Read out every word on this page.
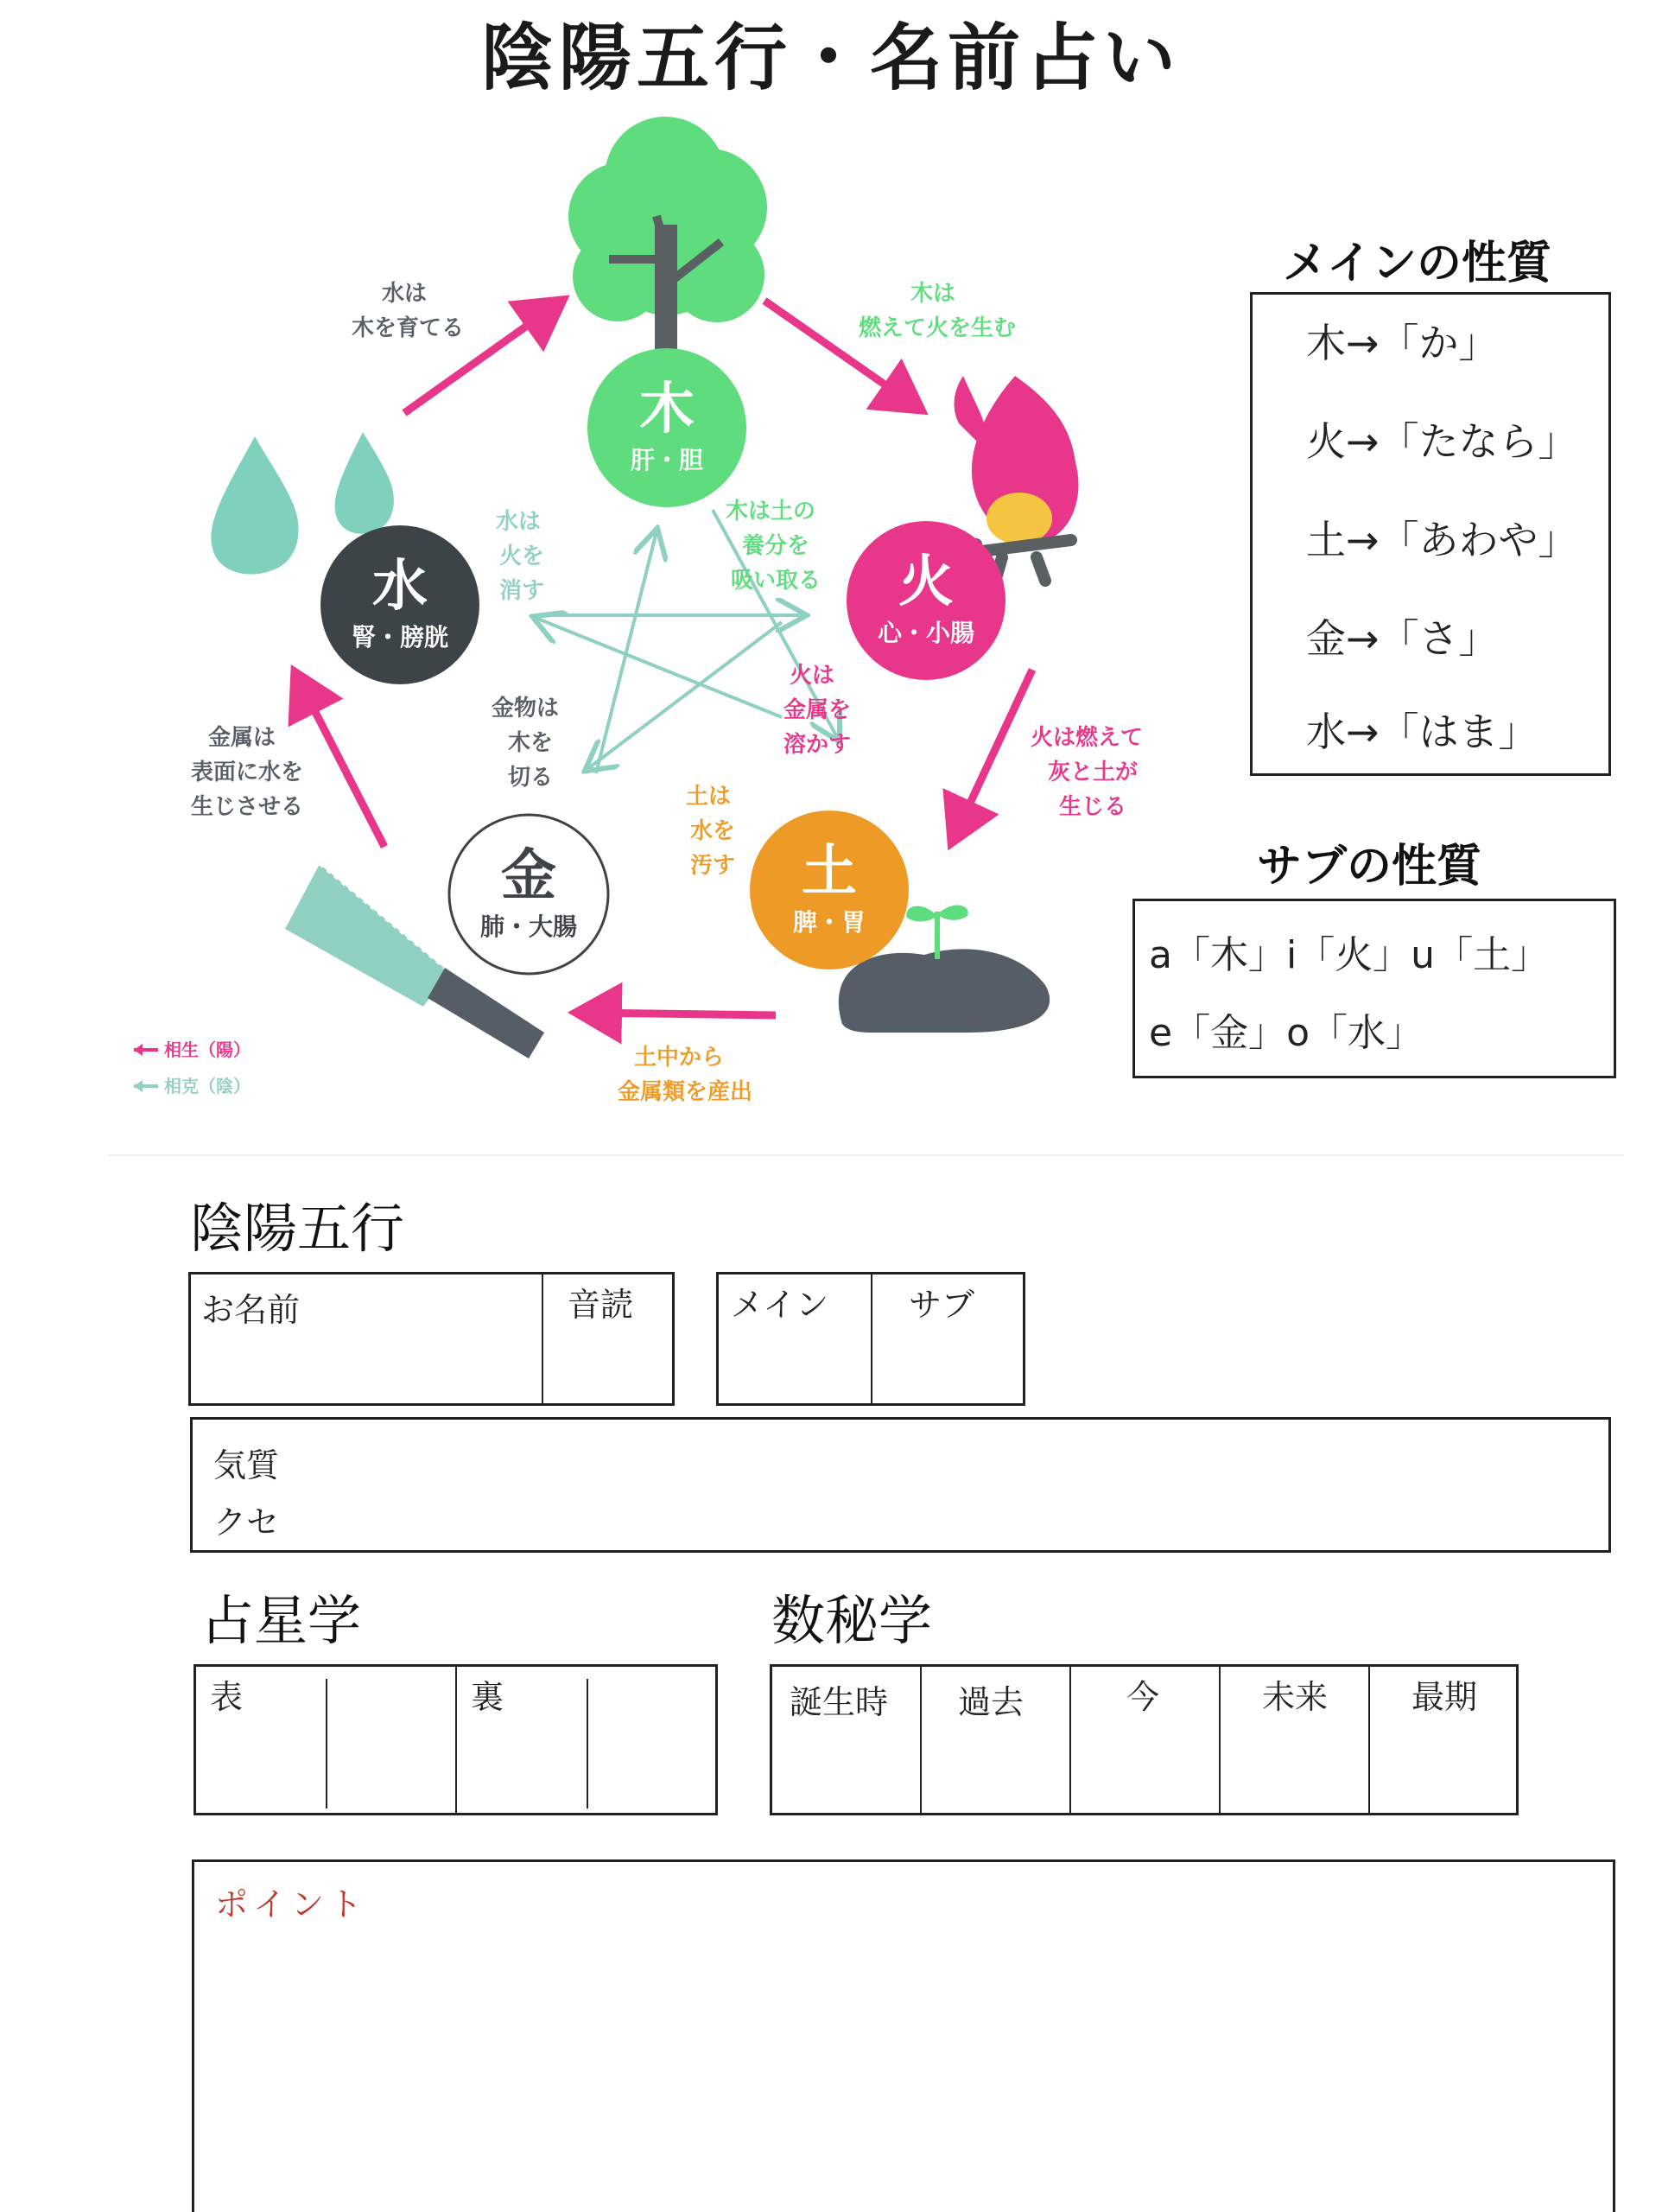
陰陽五行・名前占い
木
肝・胆
火
心・小腸
土
脾・胃
金
肺・大腸
水
腎・膀胱
水は木を育てる
木は燃えて火を生む
火は燃えて灰と土が生じる
土中から金属類を産出
金属は表面に水を生じさせる
木は土の養分を吸い取る
火は金属を溶かす
土は水を汚す
金物は木を切る
水は火を消す
相生（陽）
相克（陰）
メインの性質
木→「か」
火→「たなら」
土→「あわや」
金→「さ」
水→「はま」
サブの性質
a「木」i「火」u「土」
e「金」o「水」
陰陽五行
お名前	音読	メイン サブ
気質
クセ
占星学
表	裏
数秘学
誕生時 過去	今	未来	最期
ポイント
